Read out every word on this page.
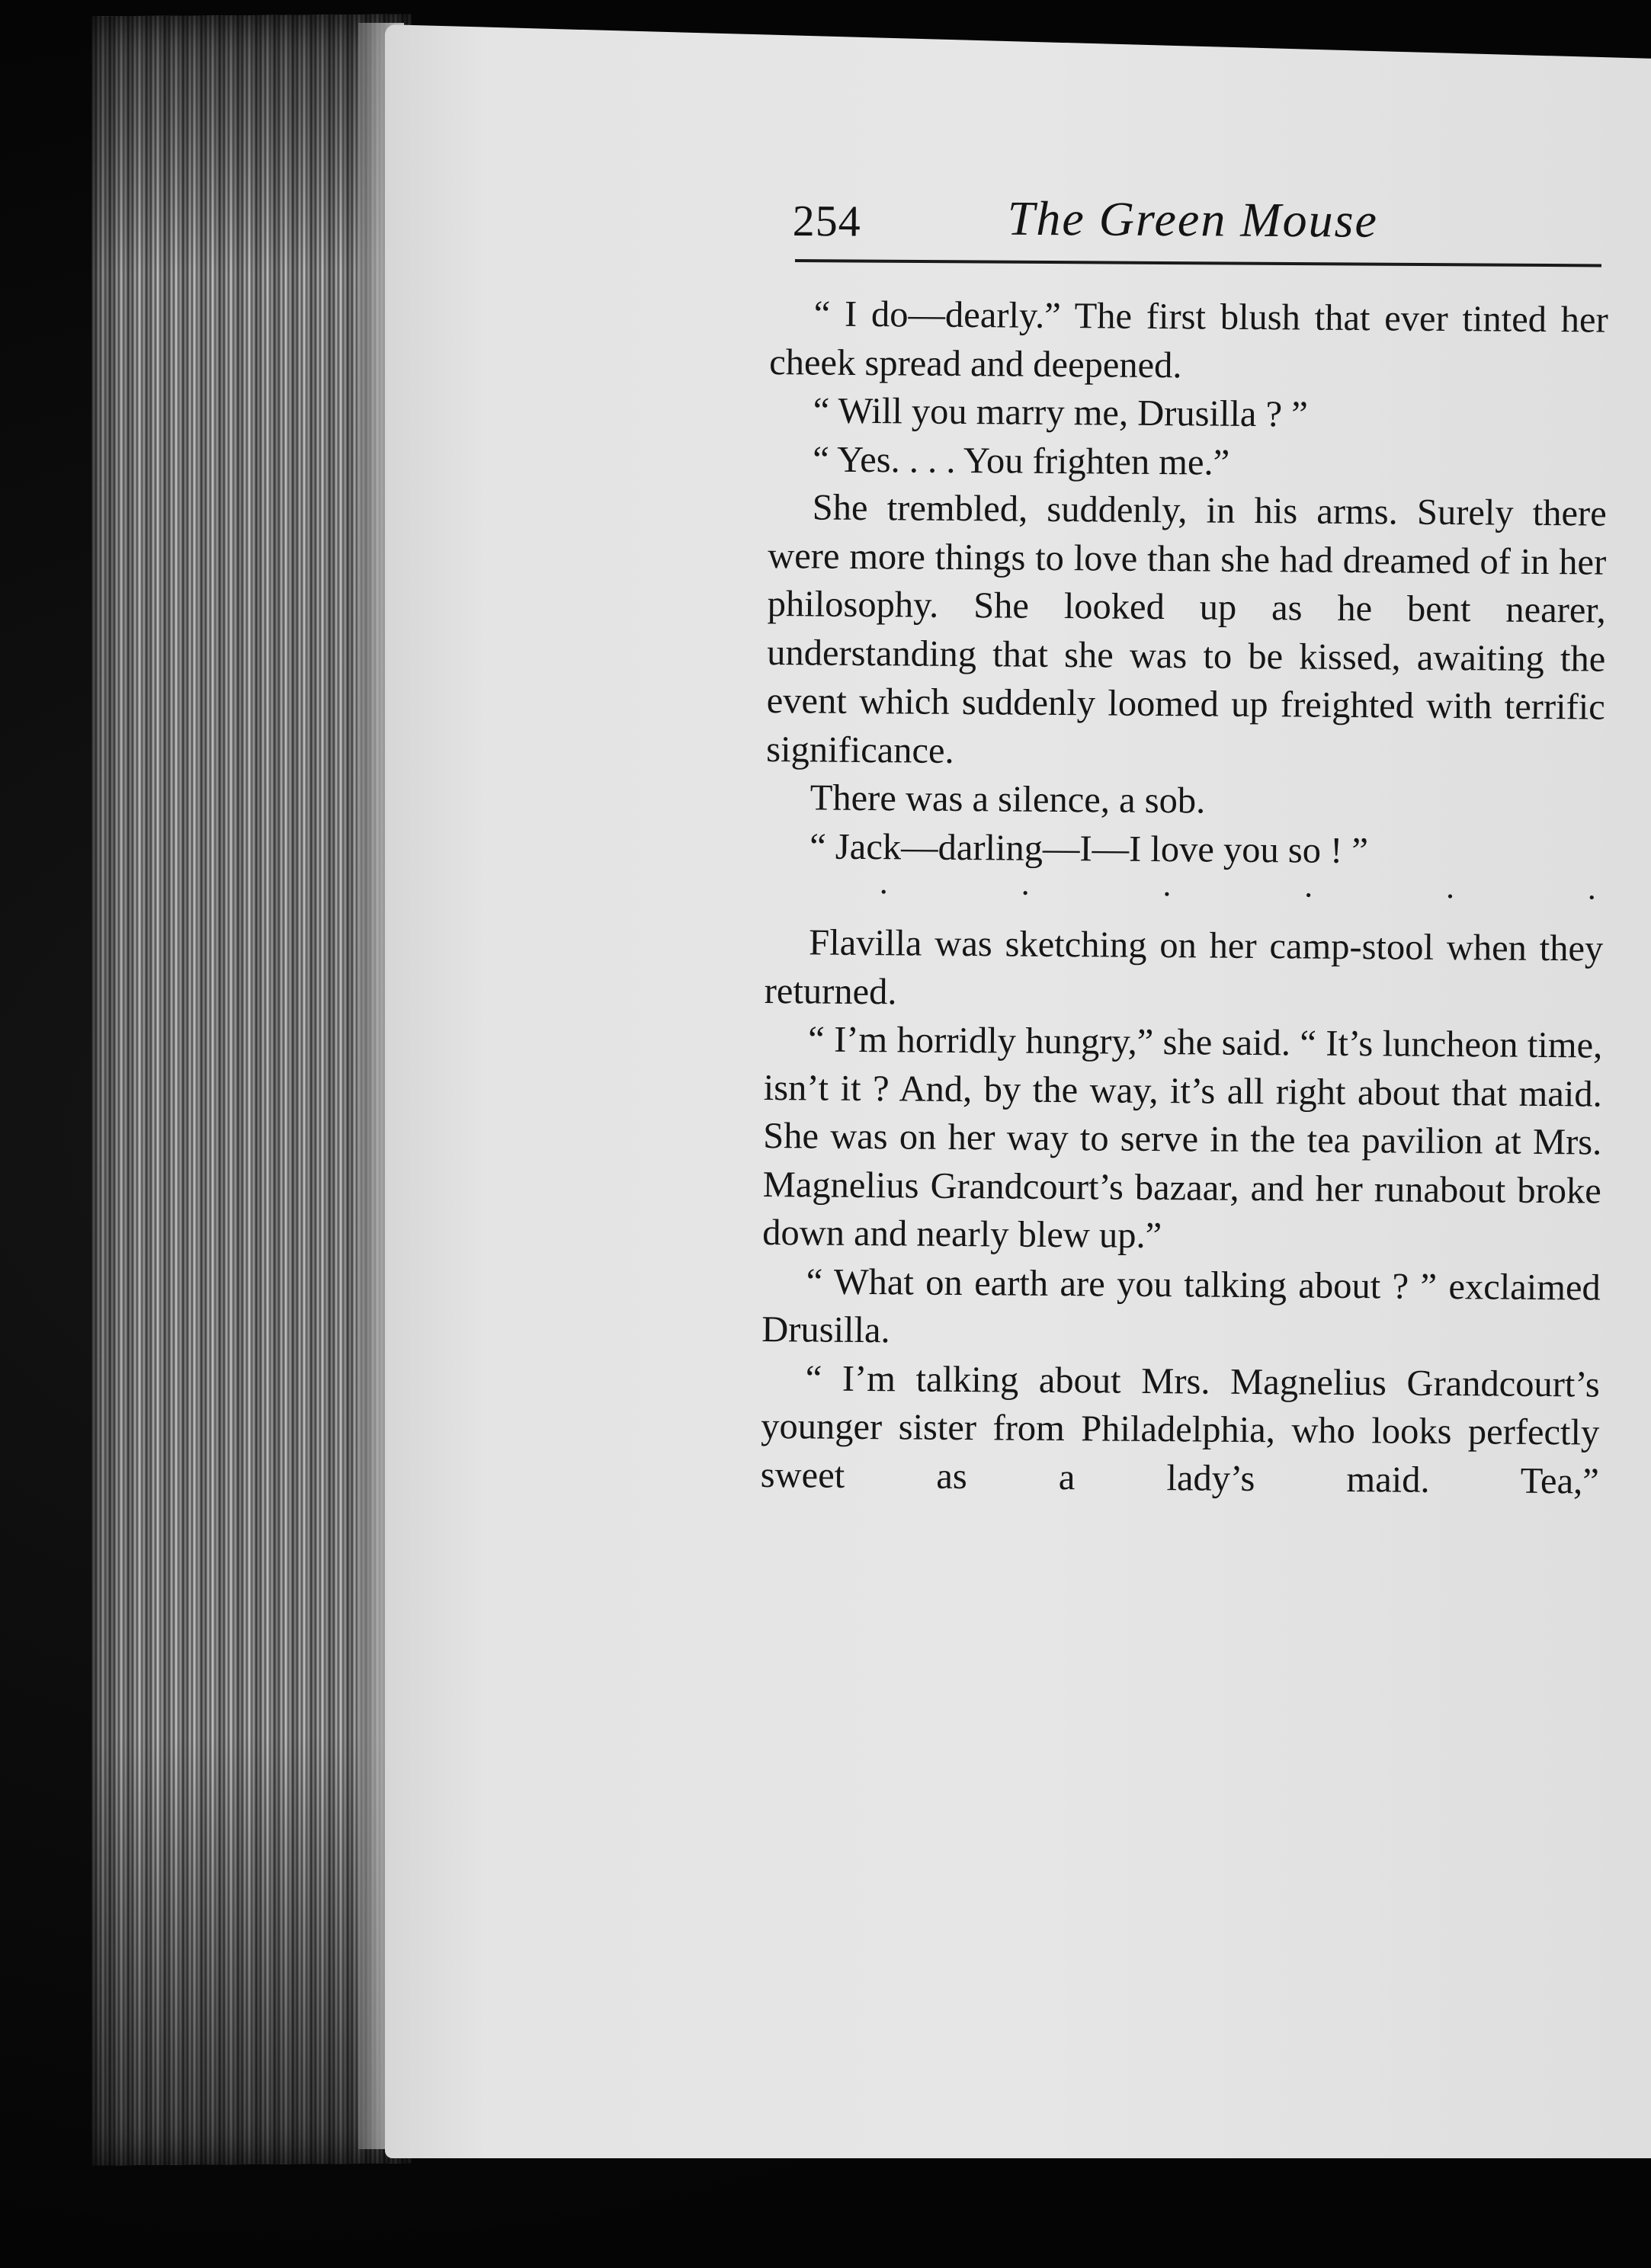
254	The Green Mouse

“ I do—dearly.” The first blush that ever tinted her cheek spread and deepened.

“ Will you marry me, Drusilla ? ”

“ Yes. . . . You frighten me.”

She trembled, suddenly, in his arms. Surely there were more things to love than she had dreamed of in her philosophy. She looked up as he bent nearer, understanding that she was to be kissed, awaiting the event which suddenly loomed up freighted with terrific significance.

There was a silence, a sob.

“ Jack—darling—I—I love you so ! ”

.	.	.	.	.	.

Flavilla was sketching on her camp-stool when they returned.

“ I’m horridly hungry,” she said. “ It’s luncheon time, isn’t it ? And, by the way, it’s all right about that maid. She was on her way to serve in the tea pavilion at Mrs. Magnelius Grandcourt’s bazaar, and her runabout broke down and nearly blew up.”

“ What on earth are you talking about ? ” exclaimed Drusilla.

“ I’m talking about Mrs. Magnelius Grandcourt’s younger sister from Philadelphia, who looks perfectly sweet as a lady’s maid. Tea,”
